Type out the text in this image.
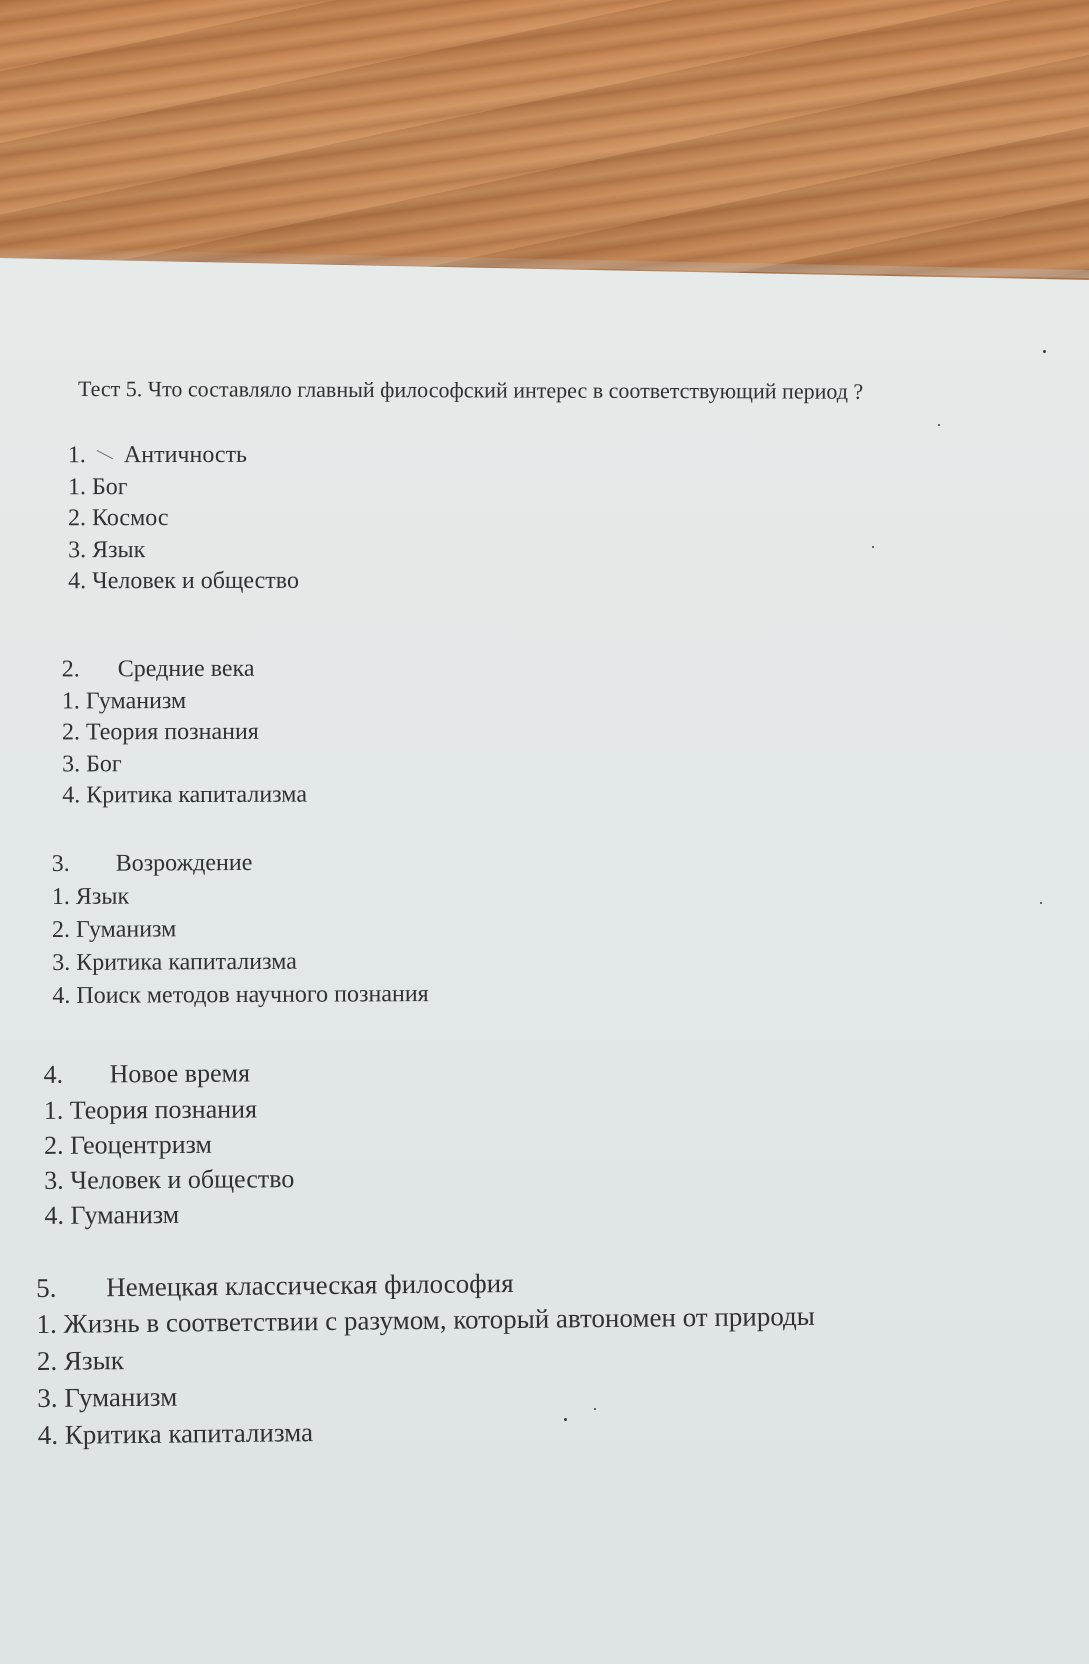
Тест 5. Что составляло главный философский интерес в соответствующий период ?
1. Античность
1. Бог
2. Космос
3. Язык
4. Человек и общество
2. Средние века
1. Гуманизм
2. Теория познания
3. Бог
4. Критика капитализма
3. Возрождение
1. Язык
2. Гуманизм
3. Критика капитализма
4. Поиск методов научного познания
4. Новое время
1. Теория познания
2. Геоцентризм
3. Человек и общество
4. Гуманизм
5. Немецкая классическая философия
1. Жизнь в соответствии с разумом, который автономен от природы
2. Язык
3. Гуманизм
4. Критика капитализма
